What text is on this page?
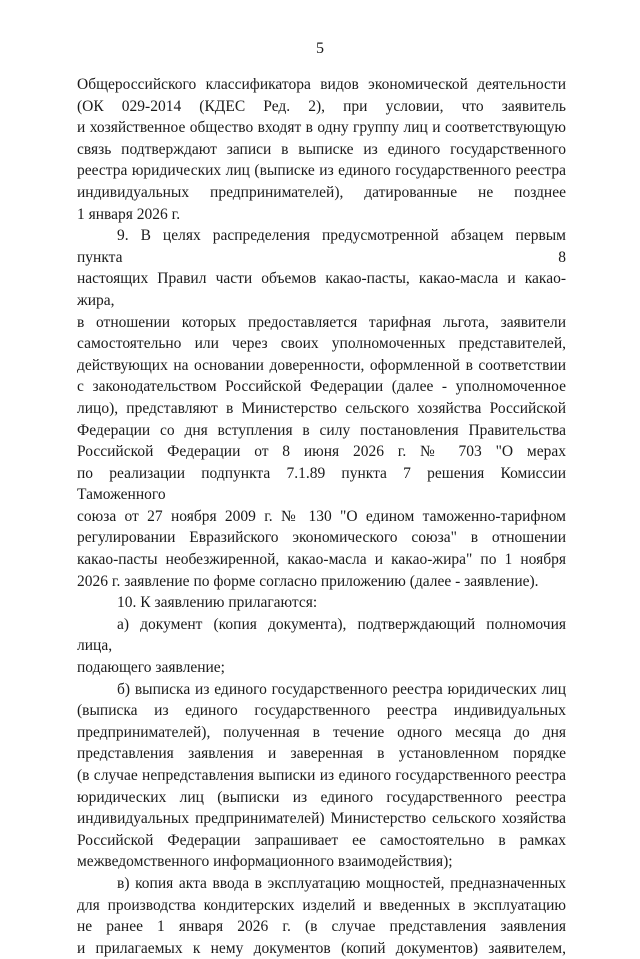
5

Общероссийского классификатора видов экономической деятельности

(ОК 029-2014 (КДЕС Ред. 2), при условии, что заявитель

и хозяйственное общество входят в одну группу лиц и соответствующую

связь подтверждают записи в выписке из единого государственного

реестра юридических лиц (выписке из единого государственного реестра

индивидуальных предпринимателей), датированные не позднее

1 января 2026 г.

9. В целях распределения предусмотренной абзацем первым пункта 8

настоящих Правил части объемов какао-пасты, какао-масла и какао-жира,

в отношении которых предоставляется тарифная льгота, заявители

самостоятельно или через своих уполномоченных представителей,

действующих на основании доверенности, оформленной в соответствии

с законодательством Российской Федерации (далее - уполномоченное

лицо), представляют в Министерство сельского хозяйства Российской

Федерации со дня вступления в силу постановления Правительства

Российской Федерации от 8 июня 2026 г. № 703 "О мерах

по реализации подпункта 7.1.89 пункта 7 решения Комиссии Таможенного

союза от 27 ноября 2009 г. № 130 "О едином таможенно-тарифном

регулировании Евразийского экономического союза" в отношении

какао-пасты необезжиренной, какао-масла и какао-жира" по 1 ноября

2026 г. заявление по форме согласно приложению (далее - заявление).

10. К заявлению прилагаются:

а) документ (копия документа), подтверждающий полномочия лица,

подающего заявление;

б) выписка из единого государственного реестра юридических лиц

(выписка из единого государственного реестра индивидуальных

предпринимателей), полученная в течение одного месяца до дня

представления заявления и заверенная в установленном порядке

(в случае непредставления выписки из единого государственного реестра

юридических лиц (выписки из единого государственного реестра

индивидуальных предпринимателей) Министерство сельского хозяйства

Российской Федерации запрашивает ее самостоятельно в рамках

межведомственного информационного взаимодействия);

в) копия акта ввода в эксплуатацию мощностей, предназначенных

для производства кондитерских изделий и введенных в эксплуатацию

не ранее 1 января 2026 г. (в случае представления заявления

и прилагаемых к нему документов (копий документов) заявителем,
